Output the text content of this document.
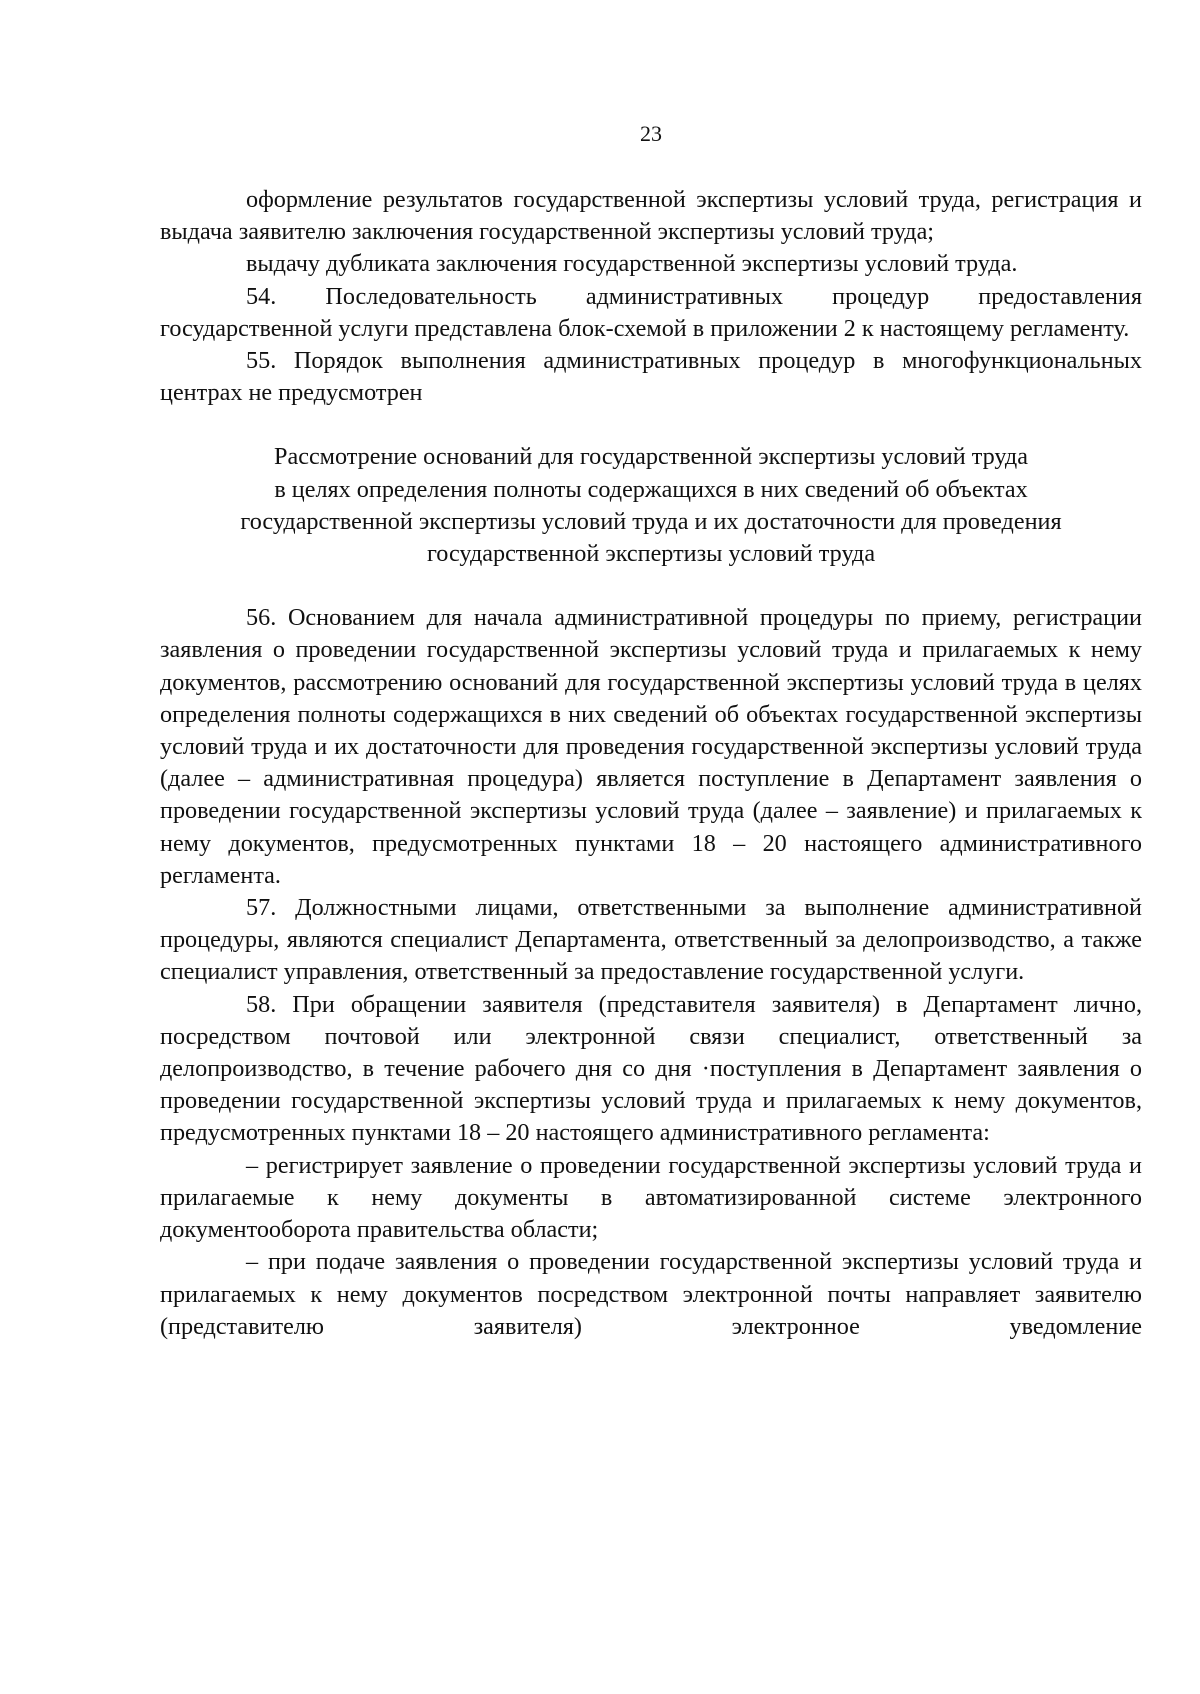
23

оформление результатов государственной экспертизы условий труда, регистрация и выдача заявителю заключения государственной экспертизы условий труда;

выдачу дубликата заключения государственной экспертизы условий труда.

54. Последовательность административных процедур предоставления государственной услуги представлена блок-схемой в приложении 2 к настоящему регламенту.

55. Порядок выполнения административных процедур в многофункциональных центрах не предусмотрен

Рассмотрение оснований для государственной экспертизы условий труда
в целях определения полноты содержащихся в них сведений об объектах
государственной экспертизы условий труда и их достаточности для проведения
государственной экспертизы условий труда

56. Основанием для начала административной процедуры по приему, регистрации заявления о проведении государственной экспертизы условий труда и прилагаемых к нему документов, рассмотрению оснований для государственной экспертизы условий труда в целях определения полноты содержащихся в них сведений об объектах государственной экспертизы условий труда и их достаточности для проведения государственной экспертизы условий труда (далее – административная процедура) является поступление в Департамент заявления о проведении государственной экспертизы условий труда (далее – заявление) и прилагаемых к нему документов, предусмотренных пунктами 18 – 20 настоящего административного регламента.

57. Должностными лицами, ответственными за выполнение административной процедуры, являются специалист Департамента, ответственный за делопроизводство, а также специалист управления, ответственный за предоставление государственной услуги.

58. При обращении заявителя (представителя заявителя) в Департамент лично, посредством почтовой или электронной связи специалист, ответственный за делопроизводство, в течение рабочего дня со дня ·поступления в Департамент заявления о проведении государственной экспертизы условий труда и прилагаемых к нему документов, предусмотренных пунктами 18 – 20 настоящего административного регламента:

– регистрирует заявление о проведении государственной экспертизы условий труда и прилагаемые к нему документы в автоматизированной системе электронного документооборота правительства области;

– при подаче заявления о проведении государственной экспертизы условий труда и прилагаемых к нему документов посредством электронной почты направляет заявителю (представителю заявителя) электронное уведомление
